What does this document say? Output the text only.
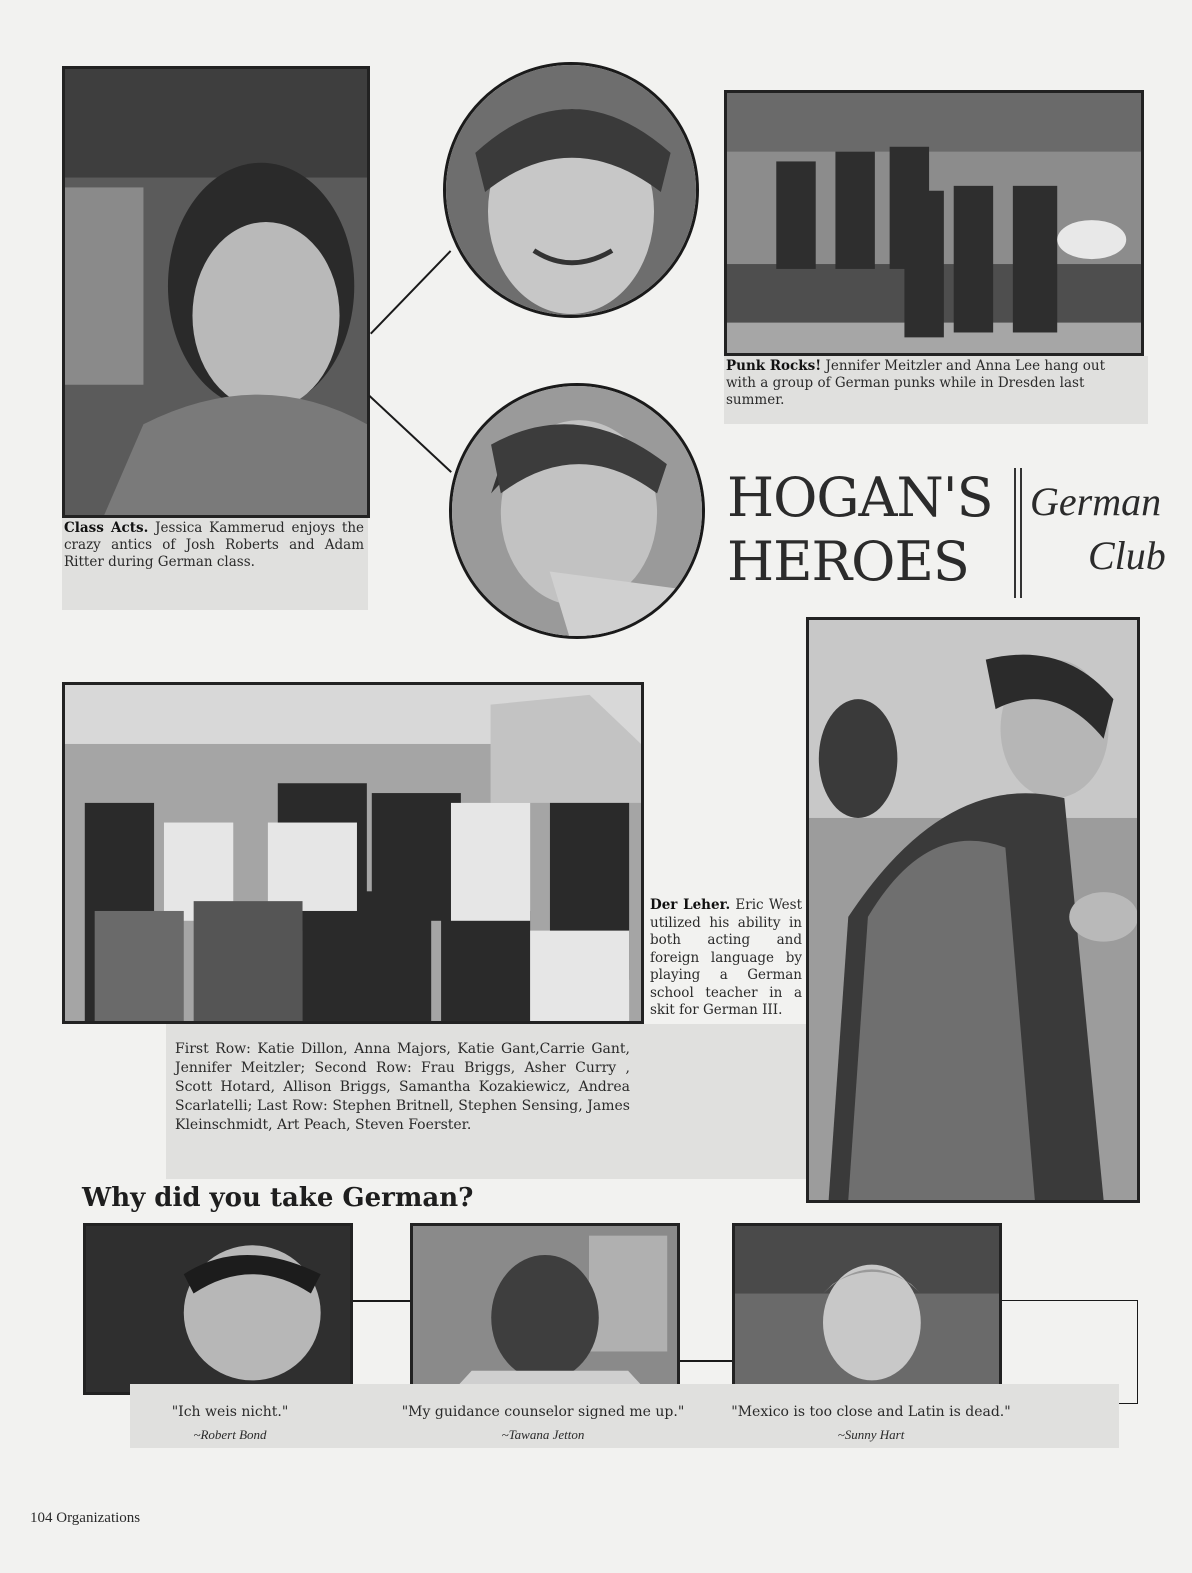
Class Acts. Jessica Kammerud enjoys the crazy antics of Josh Roberts and Adam Ritter during German class.
Punk Rocks! Jennifer Meitzler and Anna Lee hang out with a group of German punks while in Dresden last summer.
HOGAN'S
HEROES
German
Club
First Row: Katie Dillon, Anna Majors, Katie Gant,Carrie Gant, Jennifer Meitzler; Second Row: Frau Briggs, Asher Curry , Scott Hotard, Allison Briggs, Samantha Kozakiewicz, Andrea Scarlatelli; Last Row: Stephen Britnell, Stephen Sensing, James Kleinschmidt, Art Peach, Steven Foerster.
Der Leher. Eric West utilized his ability in both acting and foreign language by playing a German school teacher in a skit for German III.
Why did you take German?
"Ich weis nicht."
~Robert Bond
"My guidance counselor signed me up."
~Tawana Jetton
"Mexico is too close and Latin is dead."
~Sunny Hart
104 Organizations
